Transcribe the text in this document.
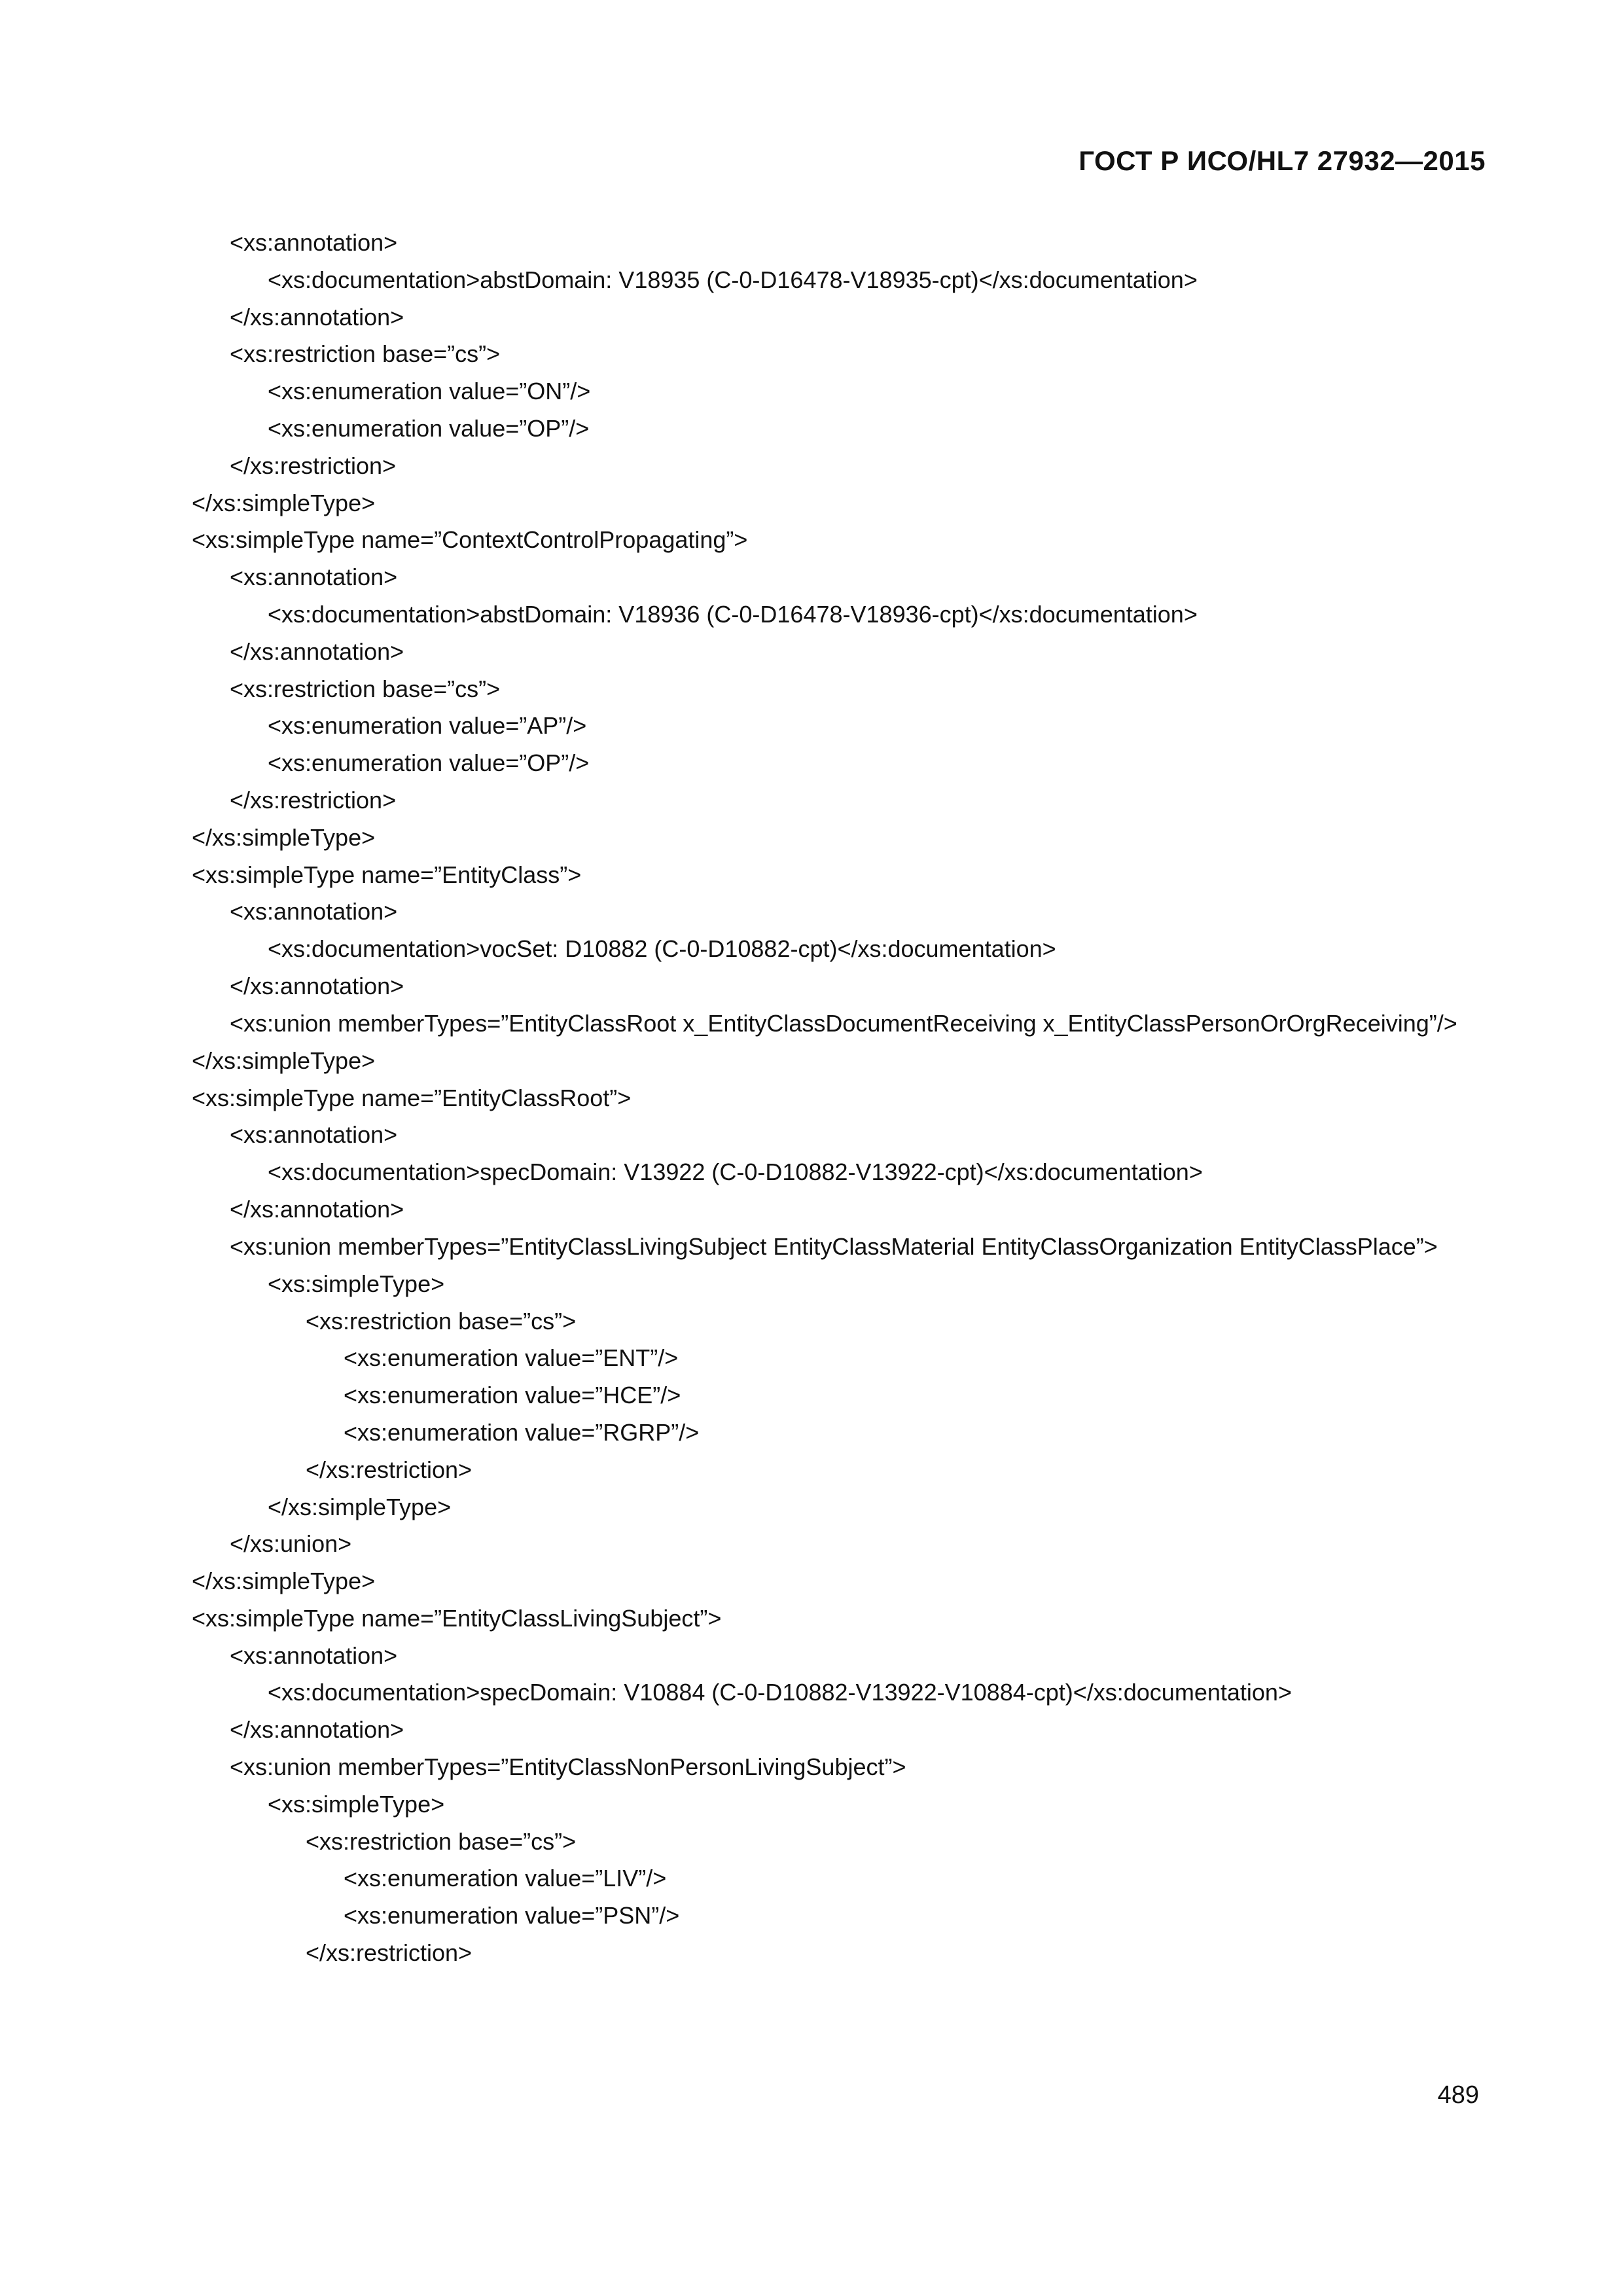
ГОСТ Р ИСО/HL7 27932—2015
<xs:annotation>
<xs:documentation>abstDomain: V18935 (C-0-D16478-V18935-cpt)</xs:documentation>
</xs:annotation>
<xs:restriction base=”cs”>
<xs:enumeration value=”ON”/>
<xs:enumeration value=”OP”/>
</xs:restriction>
</xs:simpleType>
<xs:simpleType name=”ContextControlPropagating”>
<xs:annotation>
<xs:documentation>abstDomain: V18936 (C-0-D16478-V18936-cpt)</xs:documentation>
</xs:annotation>
<xs:restriction base=”cs”>
<xs:enumeration value=”AP”/>
<xs:enumeration value=”OP”/>
</xs:restriction>
</xs:simpleType>
<xs:simpleType name=”EntityClass”>
<xs:annotation>
<xs:documentation>vocSet: D10882 (C-0-D10882-cpt)</xs:documentation>
</xs:annotation>
<xs:union memberTypes=”EntityClassRoot x_EntityClassDocumentReceiving x_EntityClassPersonOrOrgReceiving”/>
</xs:simpleType>
<xs:simpleType name=”EntityClassRoot”>
<xs:annotation>
<xs:documentation>specDomain: V13922 (C-0-D10882-V13922-cpt)</xs:documentation>
</xs:annotation>
<xs:union memberTypes=”EntityClassLivingSubject EntityClassMaterial EntityClassOrganization EntityClassPlace”>
<xs:simpleType>
<xs:restriction base=”cs”>
<xs:enumeration value=”ENT”/>
<xs:enumeration value=”HCE”/>
<xs:enumeration value=”RGRP”/>
</xs:restriction>
</xs:simpleType>
</xs:union>
</xs:simpleType>
<xs:simpleType name=”EntityClassLivingSubject”>
<xs:annotation>
<xs:documentation>specDomain: V10884 (C-0-D10882-V13922-V10884-cpt)</xs:documentation>
</xs:annotation>
<xs:union memberTypes=”EntityClassNonPersonLivingSubject”>
<xs:simpleType>
<xs:restriction base=”cs”>
<xs:enumeration value=”LIV”/>
<xs:enumeration value=”PSN”/>
</xs:restriction>
489
